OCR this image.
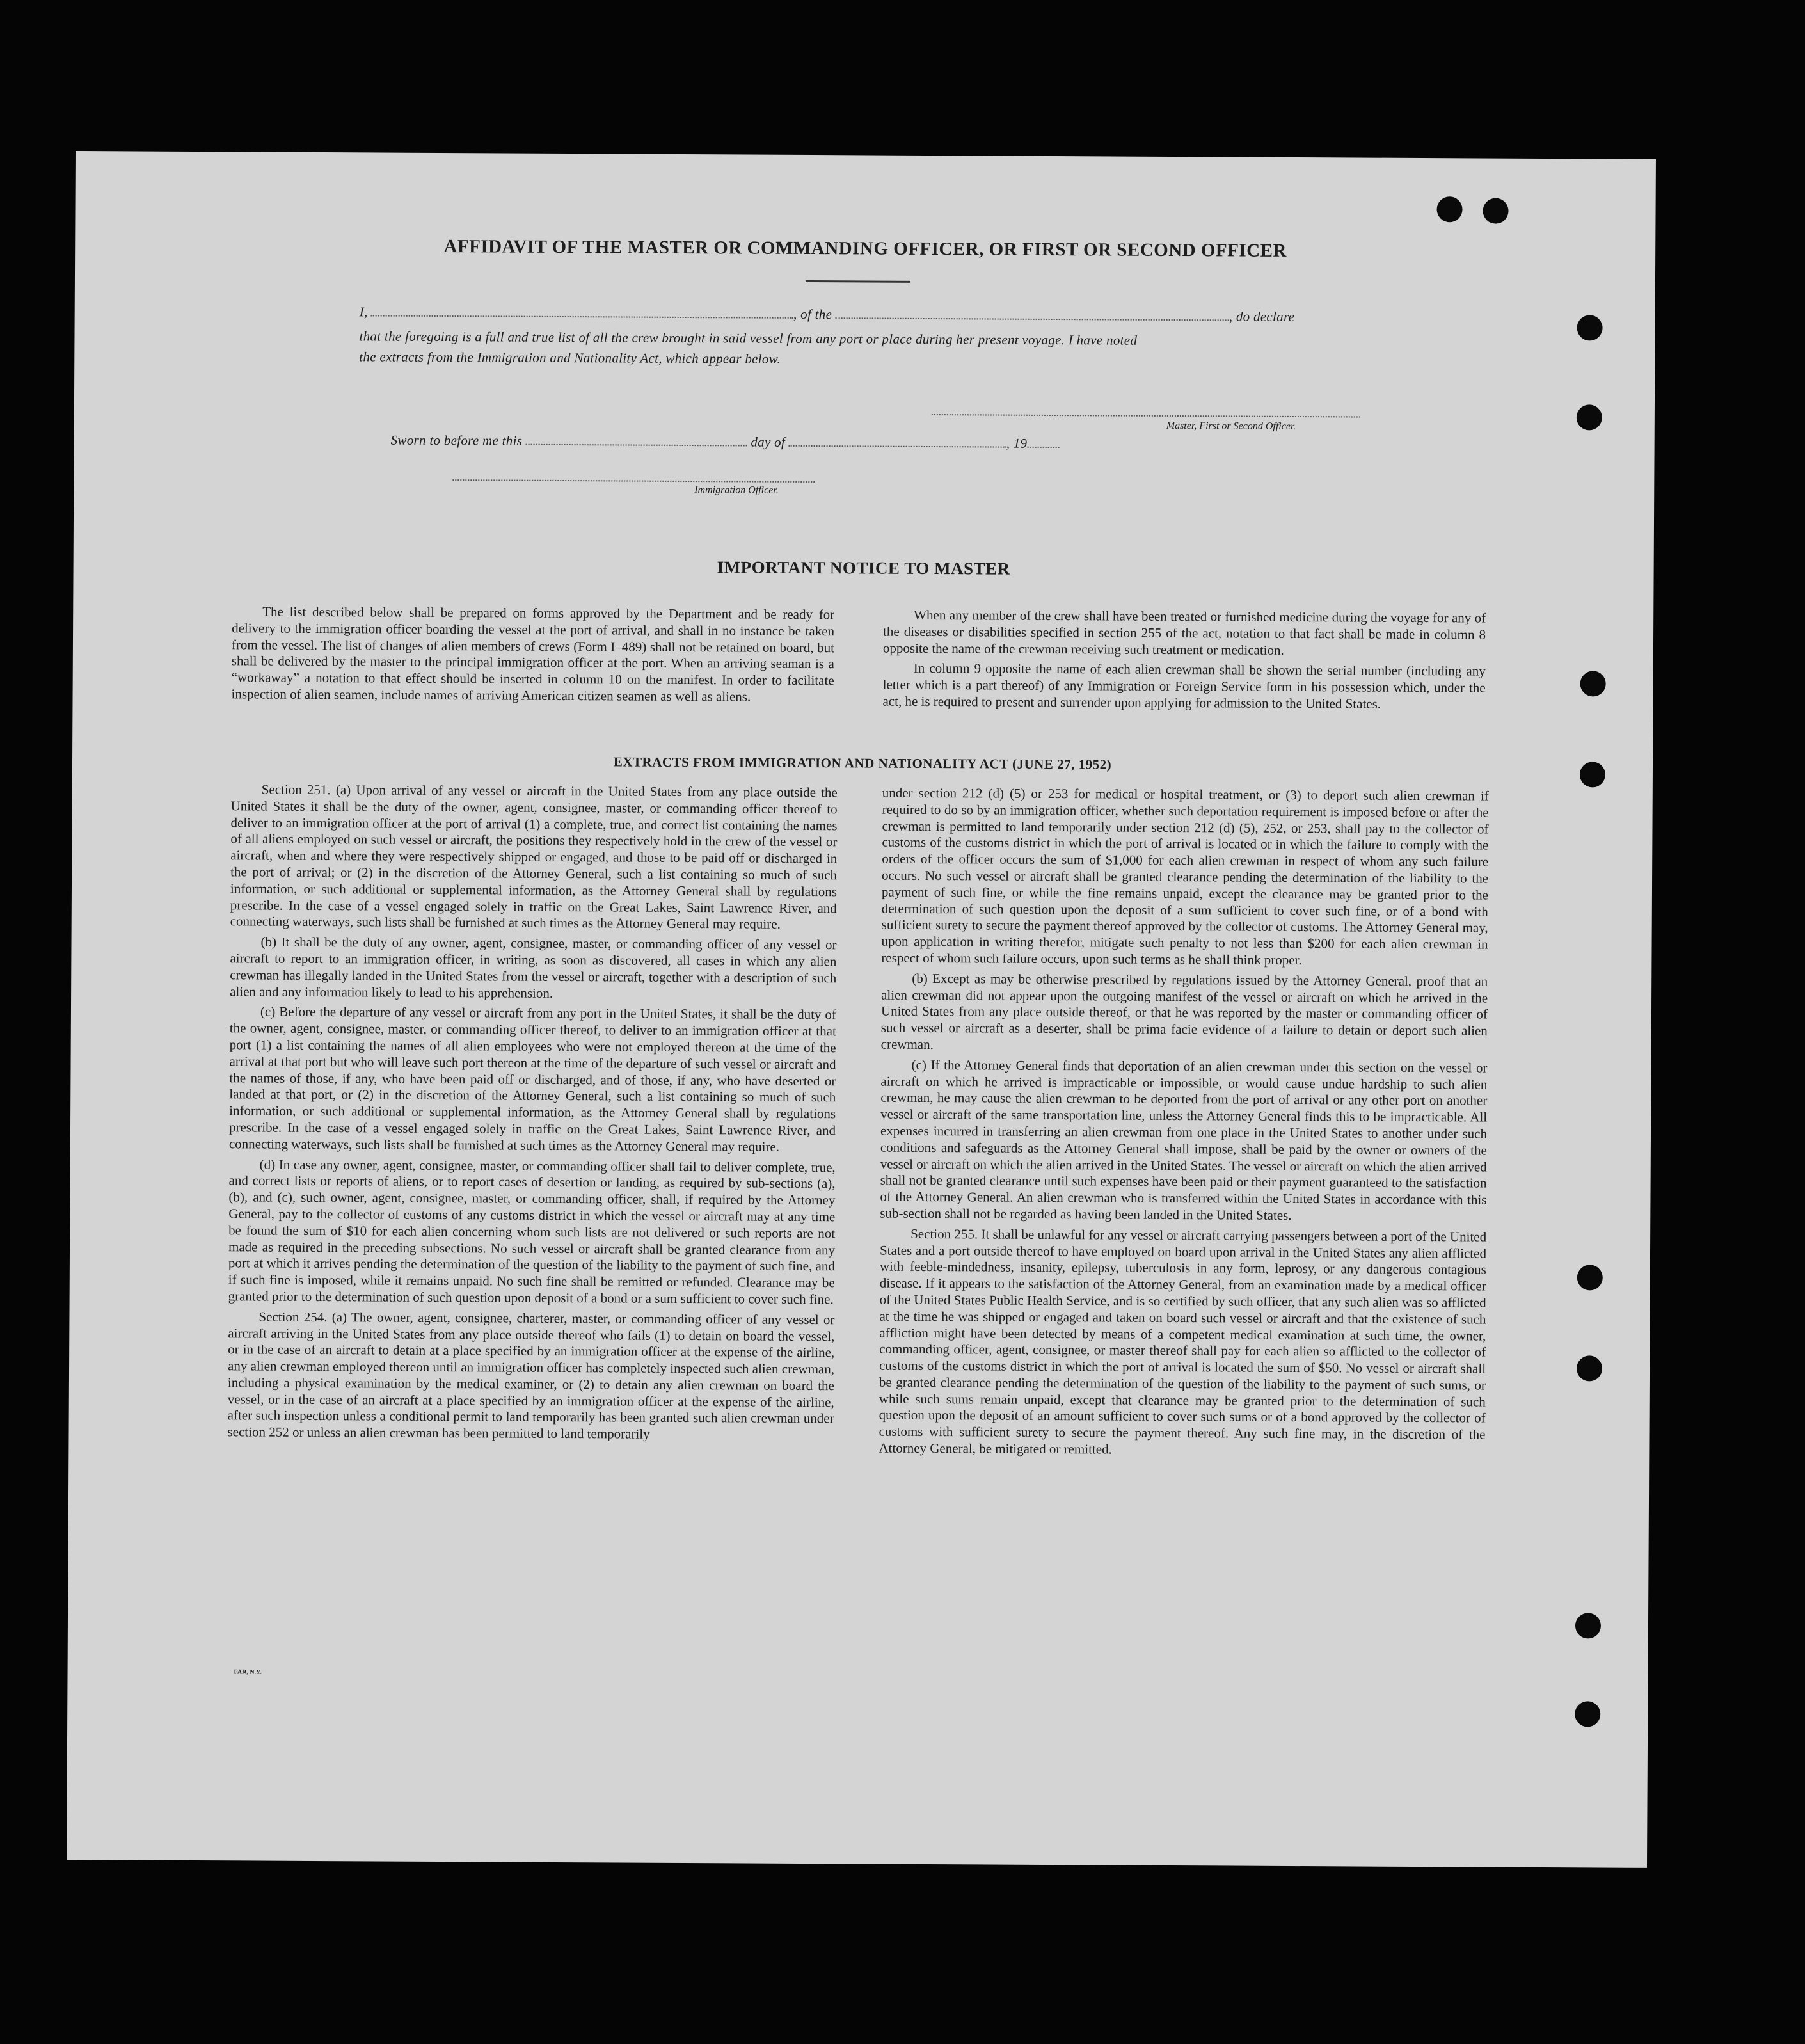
AFFIDAVIT OF THE MASTER OR COMMANDING OFFICER, OR FIRST OR SECOND OFFICER
I,	, of the	, do declare
that the foregoing is a full and true list of all the crew brought in said vessel from any port or place during her present voyage. I have noted
the extracts from the Immigration and Nationality Act, which appear below.
Master, First or Second Officer.
Sworn to before me this	day of	, 19
Immigration Officer.
IMPORTANT NOTICE TO MASTER

The list described below shall be prepared on forms approved by the Department and be ready for delivery to the immigration officer boarding the vessel at the port of arrival, and shall in no instance be taken from the vessel. The list of changes of alien members of crews (Form I–489) shall not be retained on board, but shall be delivered by the master to the principal immigration officer at the port. When an arriving seaman is a “workaway” a notation to that effect should be inserted in column 10 on the manifest. In order to facilitate inspection of alien seamen, include names of arriving American citizen seamen as well as aliens.

When any member of the crew shall have been treated or furnished medicine during the voyage for any of the diseases or disabilities specified in section 255 of the act, notation to that fact shall be made in column 8 opposite the name of the crewman receiving such treatment or medication.

In column 9 opposite the name of each alien crewman shall be shown the serial number (including any letter which is a part thereof) of any Immigration or Foreign Service form in his possession which, under the act, he is required to present and surrender upon applying for admission to the United States.

EXTRACTS FROM IMMIGRATION AND NATIONALITY ACT (JUNE 27, 1952)

Section 251. (a) Upon arrival of any vessel or aircraft in the United States from any place outside the United States it shall be the duty of the owner, agent, consignee, master, or commanding officer thereof to deliver to an immigration officer at the port of arrival (1) a complete, true, and correct list containing the names of all aliens employed on such vessel or aircraft, the positions they respectively hold in the crew of the vessel or aircraft, when and where they were respectively shipped or engaged, and those to be paid off or discharged in the port of arrival; or (2) in the discretion of the Attorney General, such a list containing so much of such information, or such additional or supplemental information, as the Attorney General shall by regulations prescribe. In the case of a vessel engaged solely in traffic on the Great Lakes, Saint Lawrence River, and connecting waterways, such lists shall be furnished at such times as the Attorney General may require.

(b) It shall be the duty of any owner, agent, consignee, master, or commanding officer of any vessel or aircraft to report to an immigration officer, in writing, as soon as discovered, all cases in which any alien crewman has illegally landed in the United States from the vessel or aircraft, together with a description of such alien and any information likely to lead to his apprehension.

(c) Before the departure of any vessel or aircraft from any port in the United States, it shall be the duty of the owner, agent, consignee, master, or commanding officer thereof, to deliver to an immigration officer at that port (1) a list containing the names of all alien employees who were not employed thereon at the time of the arrival at that port but who will leave such port thereon at the time of the departure of such vessel or aircraft and the names of those, if any, who have been paid off or discharged, and of those, if any, who have deserted or landed at that port, or (2) in the discretion of the Attorney General, such a list containing so much of such information, or such additional or supplemental information, as the Attorney General shall by regulations prescribe. In the case of a vessel engaged solely in traffic on the Great Lakes, Saint Lawrence River, and connecting waterways, such lists shall be furnished at such times as the Attorney General may require.

(d) In case any owner, agent, consignee, master, or commanding officer shall fail to deliver complete, true, and correct lists or reports of aliens, or to report cases of desertion or landing, as required by sub-sections (a), (b), and (c), such owner, agent, consignee, master, or commanding officer, shall, if required by the Attorney General, pay to the collector of customs of any customs district in which the vessel or aircraft may at any time be found the sum of $10 for each alien concerning whom such lists are not delivered or such reports are not made as required in the preceding subsections. No such vessel or aircraft shall be granted clearance from any port at which it arrives pending the determination of the question of the liability to the payment of such fine, and if such fine is imposed, while it remains unpaid. No such fine shall be remitted or refunded. Clearance may be granted prior to the determination of such question upon deposit of a bond or a sum sufficient to cover such fine.

Section 254. (a) The owner, agent, consignee, charterer, master, or commanding officer of any vessel or aircraft arriving in the United States from any place outside thereof who fails (1) to detain on board the vessel, or in the case of an aircraft to detain at a place specified by an immigration officer at the expense of the airline, any alien crewman employed thereon until an immigration officer has completely inspected such alien crewman, including a physical examination by the medical examiner, or (2) to detain any alien crewman on board the vessel, or in the case of an aircraft at a place specified by an immigration officer at the expense of the airline, after such inspection unless a conditional permit to land temporarily has been granted such alien crewman under section 252 or unless an alien crewman has been permitted to land temporarily

under section 212 (d) (5) or 253 for medical or hospital treatment, or (3) to deport such alien crewman if required to do so by an immigration officer, whether such deportation requirement is imposed before or after the crewman is permitted to land temporarily under section 212 (d) (5), 252, or 253, shall pay to the collector of customs of the customs district in which the port of arrival is located or in which the failure to comply with the orders of the officer occurs the sum of $1,000 for each alien crewman in respect of whom any such failure occurs. No such vessel or aircraft shall be granted clearance pending the determination of the liability to the payment of such fine, or while the fine remains unpaid, except the clearance may be granted prior to the determination of such question upon the deposit of a sum sufficient to cover such fine, or of a bond with sufficient surety to secure the payment thereof approved by the collector of customs. The Attorney General may, upon application in writing therefor, mitigate such penalty to not less than $200 for each alien crewman in respect of whom such failure occurs, upon such terms as he shall think proper.

(b) Except as may be otherwise prescribed by regulations issued by the Attorney General, proof that an alien crewman did not appear upon the outgoing manifest of the vessel or aircraft on which he arrived in the United States from any place outside thereof, or that he was reported by the master or commanding officer of such vessel or aircraft as a deserter, shall be prima facie evidence of a failure to detain or deport such alien crewman.

(c) If the Attorney General finds that deportation of an alien crewman under this section on the vessel or aircraft on which he arrived is impracticable or impossible, or would cause undue hardship to such alien crewman, he may cause the alien crewman to be deported from the port of arrival or any other port on another vessel or aircraft of the same transportation line, unless the Attorney General finds this to be impracticable. All expenses incurred in transferring an alien crewman from one place in the United States to another under such conditions and safeguards as the Attorney General shall impose, shall be paid by the owner or owners of the vessel or aircraft on which the alien arrived in the United States. The vessel or aircraft on which the alien arrived shall not be granted clearance until such expenses have been paid or their payment guaranteed to the satisfaction of the Attorney General. An alien crewman who is transferred within the United States in accordance with this sub-section shall not be regarded as having been landed in the United States.

Section 255. It shall be unlawful for any vessel or aircraft carrying passengers between a port of the United States and a port outside thereof to have employed on board upon arrival in the United States any alien afflicted with feeble-mindedness, insanity, epilepsy, tuberculosis in any form, leprosy, or any dangerous contagious disease. If it appears to the satisfaction of the Attorney General, from an examination made by a medical officer of the United States Public Health Service, and is so certified by such officer, that any such alien was so afflicted at the time he was shipped or engaged and taken on board such vessel or aircraft and that the existence of such affliction might have been detected by means of a competent medical examination at such time, the owner, commanding officer, agent, consignee, or master thereof shall pay for each alien so afflicted to the collector of customs of the customs district in which the port of arrival is located the sum of $50. No vessel or aircraft shall be granted clearance pending the determination of the question of the liability to the payment of such sums, or while such sums remain unpaid, except that clearance may be granted prior to the determination of such question upon the deposit of an amount sufficient to cover such sums or of a bond approved by the collector of customs with sufficient surety to secure the payment thereof. Any such fine may, in the discretion of the Attorney General, be mitigated or remitted.

FAR, N.Y.
